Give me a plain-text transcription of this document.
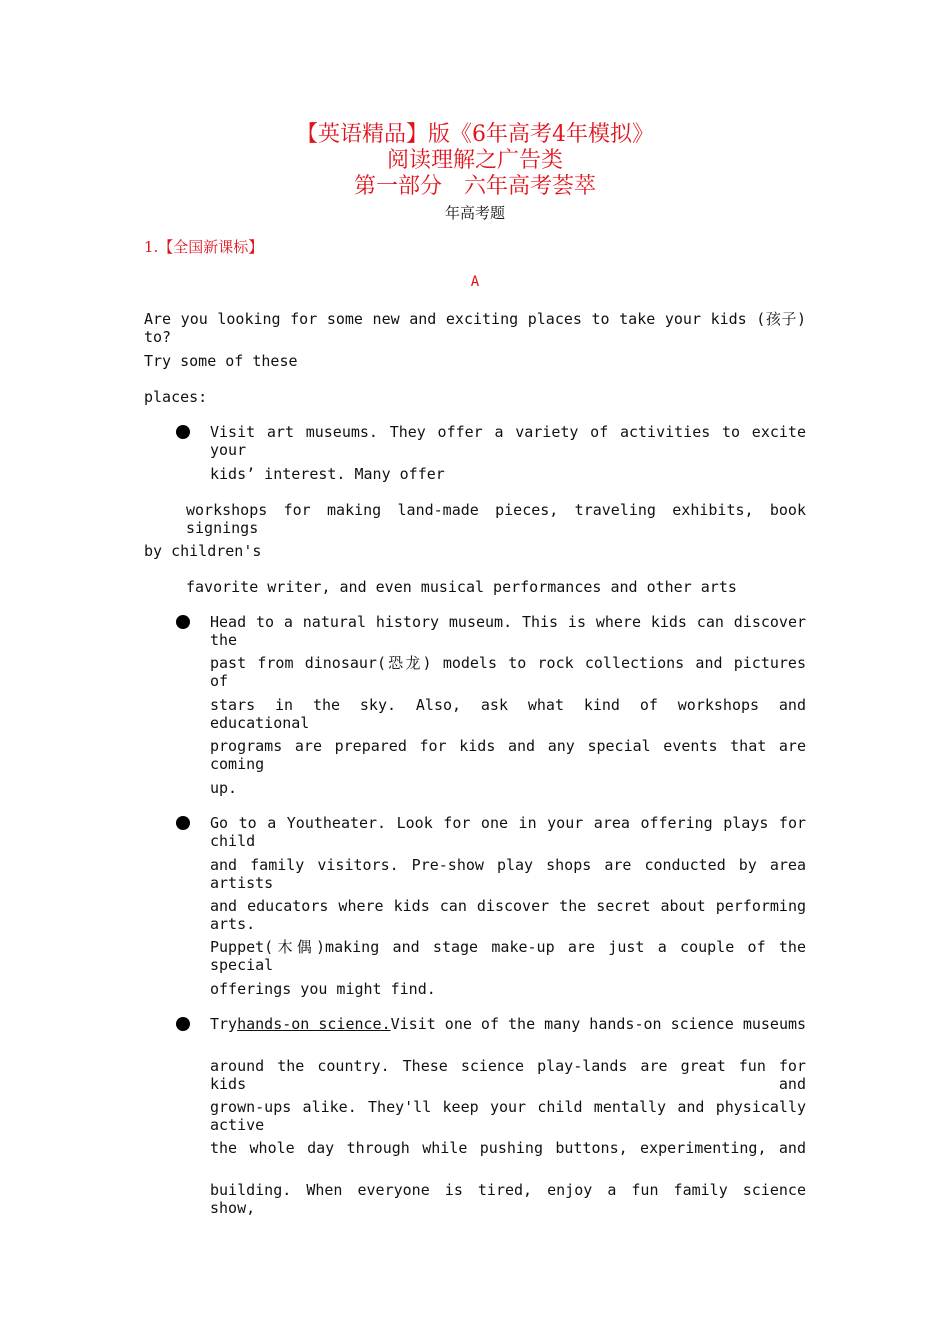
【英语精品】版《6年高考4年模拟》
阅读理解之广告类
第一部分　六年高考荟萃
年高考题
1.【全国新课标】
A
Are you looking for some new and exciting places to take your kids (孩子) to?
Try some of these
places:
Visit art museums. They offer a variety of activities to excite your
kids’ interest. Many offer
workshops for making land-made pieces, traveling exhibits, book signings
by children's
favorite writer, and even musical performances and other arts
Head to a natural history museum. This is where kids can discover the
past from dinosaur(恐龙) models to rock collections and pictures of
stars in the sky. Also, ask what kind of workshops and educational
programs are prepared for kids and any special events that are coming
up.
Go to a Youtheater. Look for one in your area offering plays for child
and family visitors. Pre-show play shops are conducted by area artists
and educators where kids can discover the secret about performing arts.
Puppet(木偶)making and stage make-up are just a couple of the special
offerings you might find.
Try hands-on science. Visit one of the many hands-on science museums
around the country. These science play-lands are great fun for kids and
grown-ups alike. They'll keep your child mentally and physically active
the whole day through while pushing buttons, experimenting, and
building. When everyone is tired, enjoy a fun family science show,
